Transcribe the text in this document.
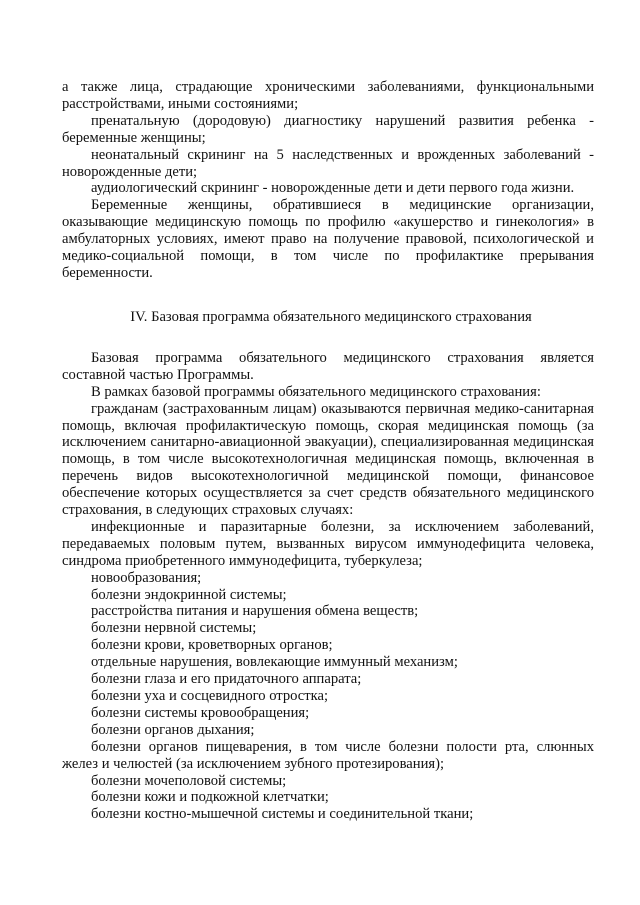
а также лица, страдающие хроническими заболеваниями, функциональными расстройствами, иными состояниями;

пренатальную (дородовую) диагностику нарушений развития ребенка - беременные женщины;

неонатальный скрининг на 5 наследственных и врожденных заболеваний - новорожденные дети;

аудиологический скрининг - новорожденные дети и дети первого года жизни.

Беременные женщины, обратившиеся в медицинские организации, оказывающие медицинскую помощь по профилю «акушерство и гинекология» в амбулаторных условиях, имеют право на получение правовой, психологической и медико-социальной помощи, в том числе по профилактике прерывания беременности.

IV. Базовая программа обязательного медицинского страхования

Базовая программа обязательного медицинского страхования является составной частью Программы.

В рамках базовой программы обязательного медицинского страхования:

гражданам (застрахованным лицам) оказываются первичная медико-санитарная помощь, включая профилактическую помощь, скорая медицинская помощь (за исключением санитарно-авиационной эвакуации), специализированная медицинская помощь, в том числе высокотехнологичная медицинская помощь, включенная в перечень видов высокотехнологичной медицинской помощи, финансовое обеспечение которых осуществляется за счет средств обязательного медицинского страхования, в следующих страховых случаях:

инфекционные и паразитарные болезни, за исключением заболеваний, передаваемых половым путем, вызванных вирусом иммунодефицита человека, синдрома приобретенного иммунодефицита, туберкулеза;

новообразования;

болезни эндокринной системы;

расстройства питания и нарушения обмена веществ;

болезни нервной системы;

болезни крови, кроветворных органов;

отдельные нарушения, вовлекающие иммунный механизм;

болезни глаза и его придаточного аппарата;

болезни уха и сосцевидного отростка;

болезни системы кровообращения;

болезни органов дыхания;

болезни органов пищеварения, в том числе болезни полости рта, слюнных желез и челюстей (за исключением зубного протезирования);

болезни мочеполовой системы;

болезни кожи и подкожной клетчатки;

болезни костно-мышечной системы и соединительной ткани;
